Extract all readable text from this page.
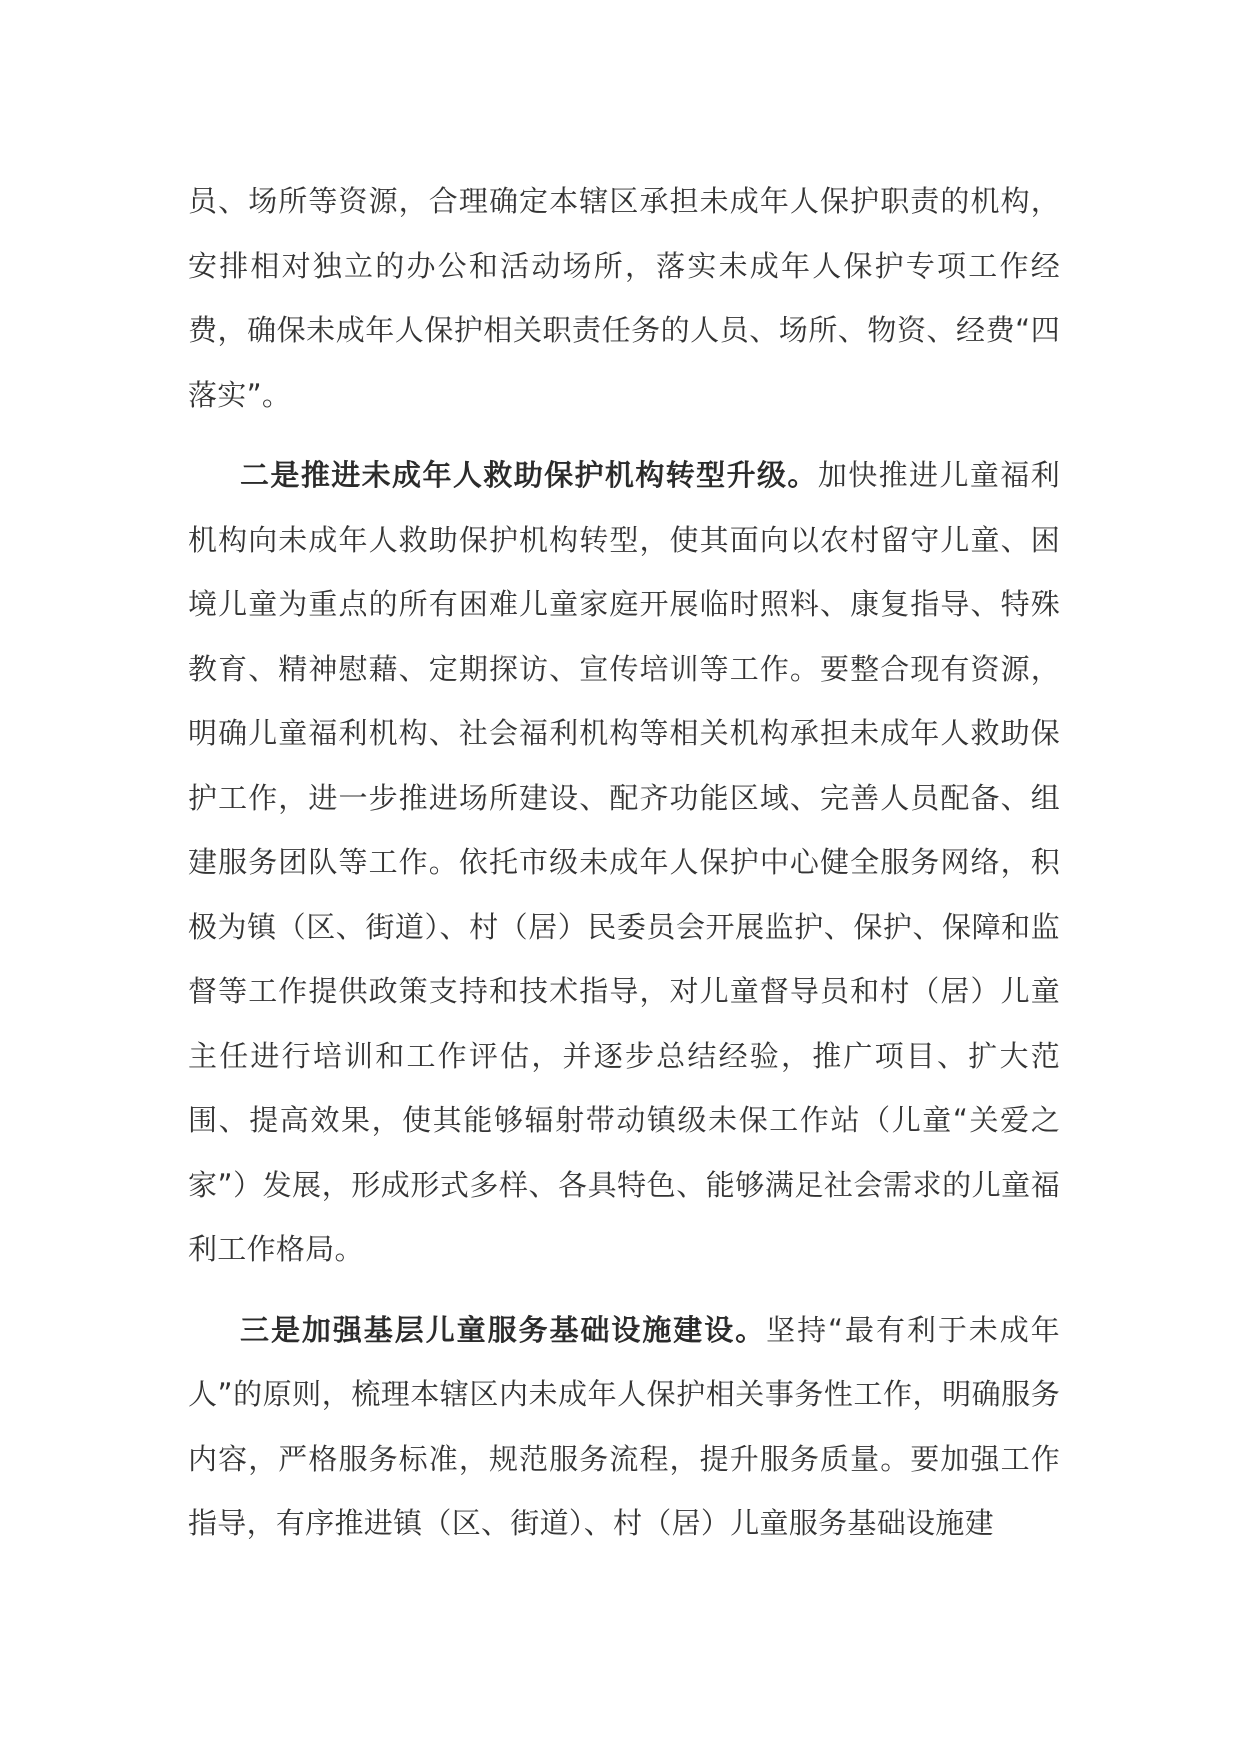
员、场所等资源，合理确定本辖区承担未成年人保护职责的机构，安排相对独立的办公和活动场所，落实未成年人保护专项工作经费，确保未成年人保护相关职责任务的人员、场所、物资、经费“四落实”。

二是推进未成年人救助保护机构转型升级。加快推进儿童福利机构向未成年人救助保护机构转型，使其面向以农村留守儿童、困境儿童为重点的所有困难儿童家庭开展临时照料、康复指导、特殊教育、精神慰藉、定期探访、宣传培训等工作。要整合现有资源，明确儿童福利机构、社会福利机构等相关机构承担未成年人救助保护工作，进一步推进场所建设、配齐功能区域、完善人员配备、组建服务团队等工作。依托市级未成年人保护中心健全服务网络，积极为镇（区、街道）、村（居）民委员会开展监护、保护、保障和监督等工作提供政策支持和技术指导，对儿童督导员和村（居）儿童主任进行培训和工作评估，并逐步总结经验，推广项目、扩大范围、提高效果，使其能够辐射带动镇级未保工作站（儿童“关爱之家”）发展，形成形式多样、各具特色、能够满足社会需求的儿童福利工作格局。

三是加强基层儿童服务基础设施建设。坚持“最有利于未成年人”的原则，梳理本辖区内未成年人保护相关事务性工作，明确服务内容，严格服务标准，规范服务流程，提升服务质量。要加强工作指导，有序推进镇（区、街道）、村（居）儿童服务基础设施建
